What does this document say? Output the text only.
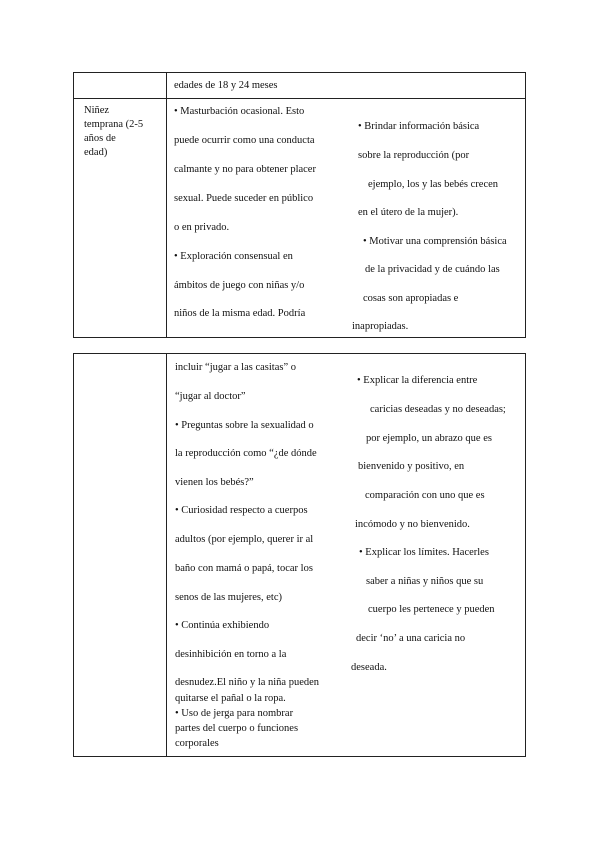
edades de 18 y 24 meses
Niñez
temprana (2-5
años de
edad)
• Masturbación ocasional. Esto
puede ocurrir como una conducta
calmante y no para obtener placer
sexual. Puede suceder en público
o en privado.
• Exploración consensual en
ámbitos de juego con niñas y/o
niños de la misma edad. Podría
• Brindar información básica
sobre la reproducción (por
ejemplo, los y las bebés crecen
en el útero de la mujer).
• Motivar una comprensión básica
de la privacidad y de cuándo las
cosas son apropiadas e
inapropiadas.
incluir “jugar a las casitas” o
“jugar al doctor”
• Preguntas sobre la sexualidad o
la reproducción como “¿de dónde
vienen los bebés?”
• Curiosidad respecto a cuerpos
adultos (por ejemplo, querer ir al
baño con mamá o papá, tocar los
senos de las mujeres, etc)
• Continúa exhibiendo
desinhibición en torno a la
desnudez.El niño y la niña pueden
quitarse el pañal o la ropa.
• Uso de jerga para nombrar
partes del cuerpo o funciones
corporales
• Explicar la diferencia entre
caricias deseadas y no deseadas;
por ejemplo, un abrazo que es
bienvenido y positivo, en
comparación con uno que es
incómodo y no bienvenido.
• Explicar los límites. Hacerles
saber a niñas y niños que su
cuerpo les pertenece y pueden
decir ‘no’ a una caricia no
deseada.
